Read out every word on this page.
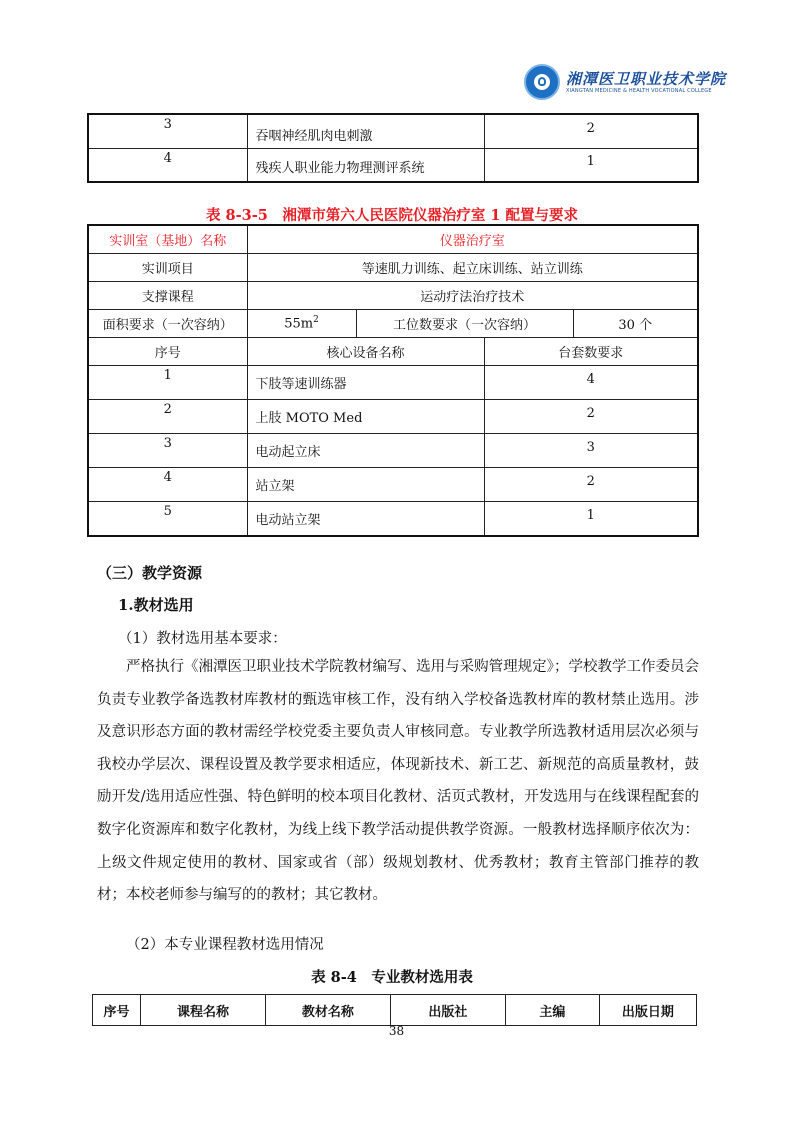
湘潭医卫职业技术学院
XIANGTAN MEDICINE & HEALTH VOCATIONAL COLLEGE
3	吞咽神经肌肉电刺激	2
4	残疾人职业能力物理测评系统	1
表 8-3-5　湘潭市第六人民医院仪器治疗室 1 配置与要求
实训室（基地）名称	仪器治疗室			
实训项目	等速肌力训练、起立床训练、站立训练			
支撑课程	运动疗法治疗技术			
面积要求（一次容纳）	$55m^2$	工位数要求（一次容纳）		30 个
序号	核心设备名称		台套数要求	
1	下肢等速训练器		4	
2	上肢 MOTO Med		2	
3	电动起立床		3	
4	站立架		2	
5	电动站立架		1	
（三）教学资源
1.教材选用
（1）教材选用基本要求：
严格执行《湘潭医卫职业技术学院教材编写、选用与采购管理规定》；学校教学工作委员会负责专业教学备选教材库教材的甄选审核工作，没有纳入学校备选教材库的教材禁止选用。涉及意识形态方面的教材需经学校党委主要负责人审核同意。专业教学所选教材适用层次必须与我校办学层次、课程设置及教学要求相适应，体现新技术、新工艺、新规范的高质量教材，鼓励开发/选用适应性强、特色鲜明的校本项目化教材、活页式教材，开发选用与在线课程配套的数字化资源库和数字化教材，为线上线下教学活动提供教学资源。一般教材选择顺序依次为：上级文件规定使用的教材、国家或省（部）级规划教材、优秀教材；教育主管部门推荐的教材；本校老师参与编写的的教材；其它教材。
（2）本专业课程教材选用情况
表 8-4　专业教材选用表
序号	课程名称	教材名称	出版社	主编	出版日期
38
